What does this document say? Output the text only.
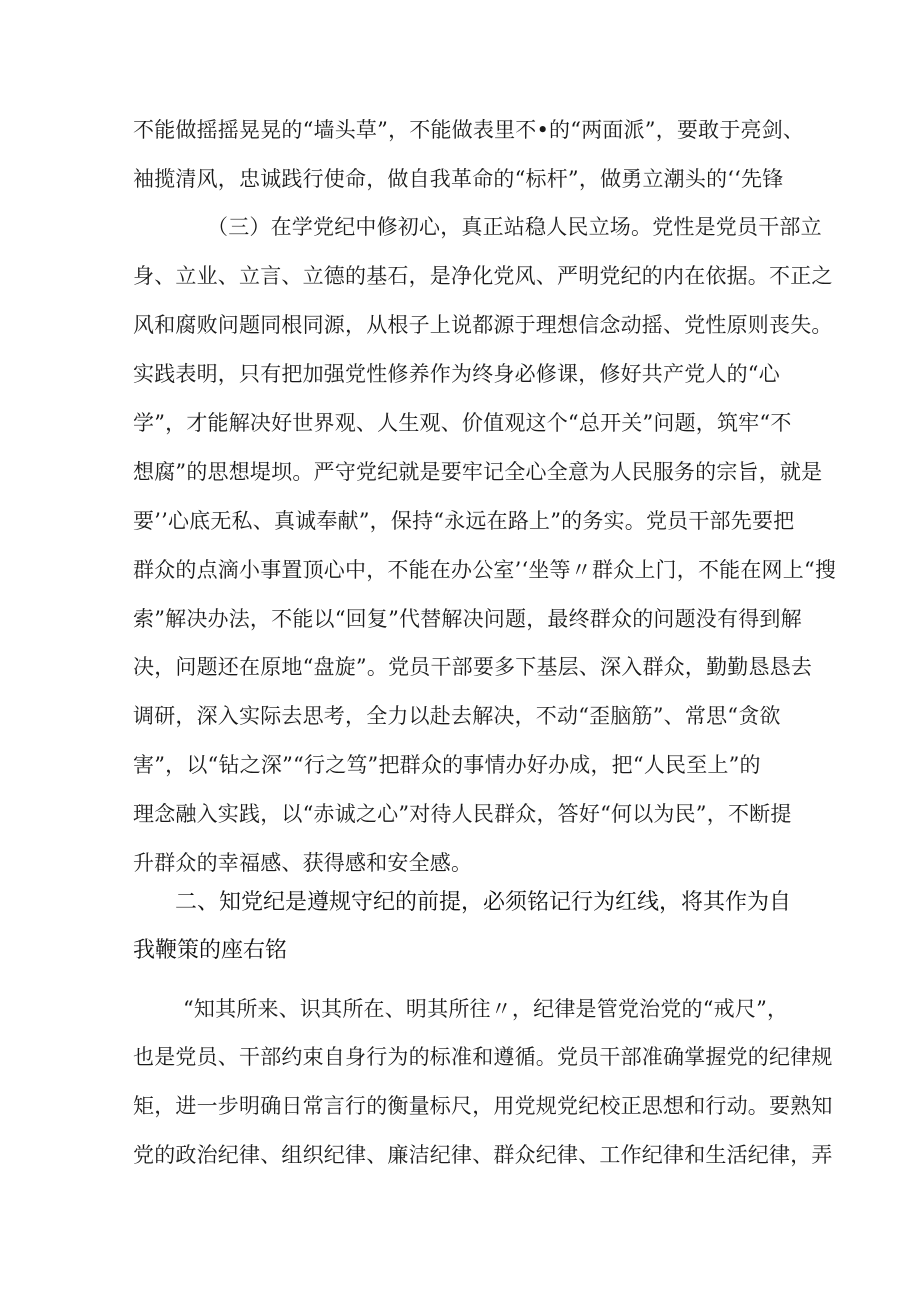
不能做摇摇晃晃的“墙头草”，不能做表里不•的“两面派”，要敢于亮剑、
袖揽清风，忠诚践行使命，做自我革命的“标杆”，做勇立潮头的‘‘先锋
（三）在学党纪中修初心，真正站稳人民立场。党性是党员干部立
身、立业、立言、立德的基石，是净化党风、严明党纪的内在依据。不正之
风和腐败问题同根同源，从根子上说都源于理想信念动摇、党性原则丧失。
实践表明，只有把加强党性修养作为终身必修课，修好共产党人的“心
学”，才能解决好世界观、人生观、价值观这个“总开关”问题，筑牢“不
想腐”的思想堤坝。严守党纪就是要牢记全心全意为人民服务的宗旨，就是
要’’心底无私、真诚奉献”，保持“永远在路上”的务实。党员干部先要把
群众的点滴小事置顶心中，不能在办公室’‘坐等〃群众上门，不能在网上“搜
索”解决办法，不能以“回复”代替解决问题，最终群众的问题没有得到解
决，问题还在原地“盘旋”。党员干部要多下基层、深入群众，勤勤恳恳去
调研，深入实际去思考，全力以赴去解决，不动“歪脑筋”、常思“贪欲
害”，以“钻之深”“行之笃”把群众的事情办好办成，把“人民至上”的
理念融入实践，以“赤诚之心”对待人民群众，答好“何以为民”，不断提
升群众的幸福感、获得感和安全感。
二、知党纪是遵规守纪的前提，必须铭记行为红线，将其作为自
我鞭策的座右铭
“知其所来、识其所在、明其所往〃，纪律是管党治党的“戒尺”，
也是党员、干部约束自身行为的标准和遵循。党员干部准确掌握党的纪律规
矩，进一步明确日常言行的衡量标尺，用党规党纪校正思想和行动。要熟知
党的政治纪律、组织纪律、廉洁纪律、群众纪律、工作纪律和生活纪律，弄
